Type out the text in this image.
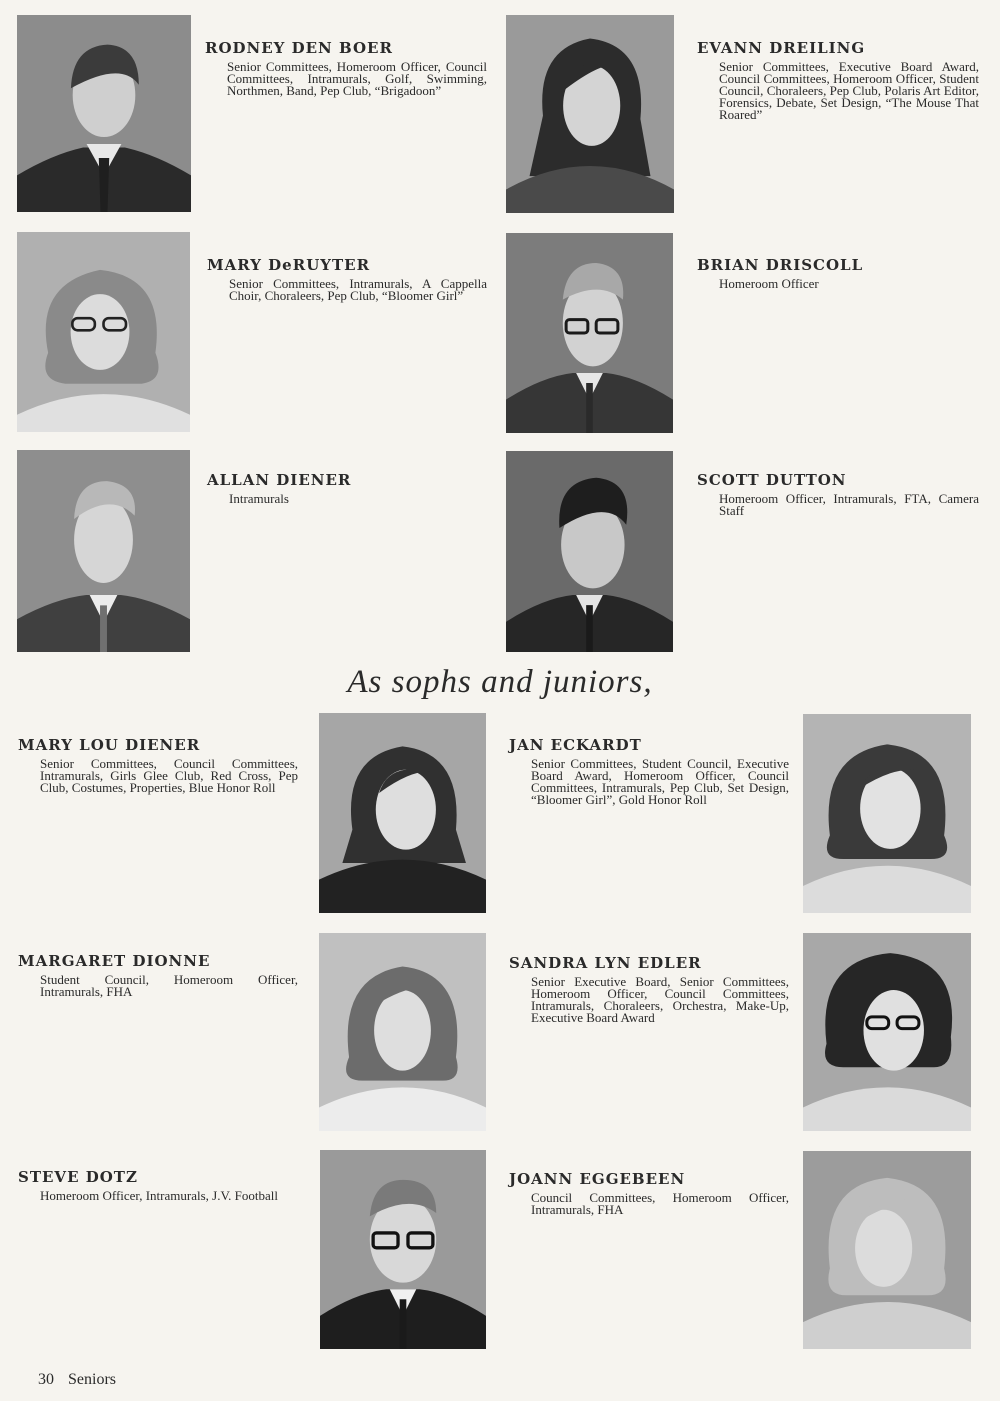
RODNEY DEN BOER
Senior Committees, Homeroom Officer, Council Committees, Intramurals, Golf, Swimming, Northmen, Band, Pep Club, “Brigadoon”
EVANN DREILING
Senior Committees, Executive Board Award, Council Committees, Homeroom Officer, Student Council, Choraleers, Pep Club, Polaris Art Editor, Forensics, Debate, Set Design, “The Mouse That Roared”
MARY DeRUYTER
Senior Committees, Intramurals, A Cappella Choir, Choraleers, Pep Club, “Bloomer Girl”
BRIAN DRISCOLL
Homeroom Officer
ALLAN DIENER
Intramurals
SCOTT DUTTON
Homeroom Officer, Intramurals, FTA, Camera Staff
As sophs and juniors,
MARY LOU DIENER
Senior Committees, Council Committees, Intramurals, Girls Glee Club, Red Cross, Pep Club, Costumes, Properties, Blue Honor Roll
JAN ECKARDT
Senior Committees, Student Council, Executive Board Award, Homeroom Officer, Council Committees, Intramurals, Pep Club, Set Design, “Bloomer Girl”, Gold Honor Roll
MARGARET DIONNE
Student Council, Homeroom Officer, Intramurals, FHA
SANDRA LYN EDLER
Senior Executive Board, Senior Committees, Homeroom Officer, Council Committees, Intramurals, Choraleers, Orchestra, Make-Up, Executive Board Award
STEVE DOTZ
Homeroom Officer, Intramurals, J.V. Football
JOANN EGGEBEEN
Council Committees, Homeroom Officer, Intramurals, FHA
30 Seniors
